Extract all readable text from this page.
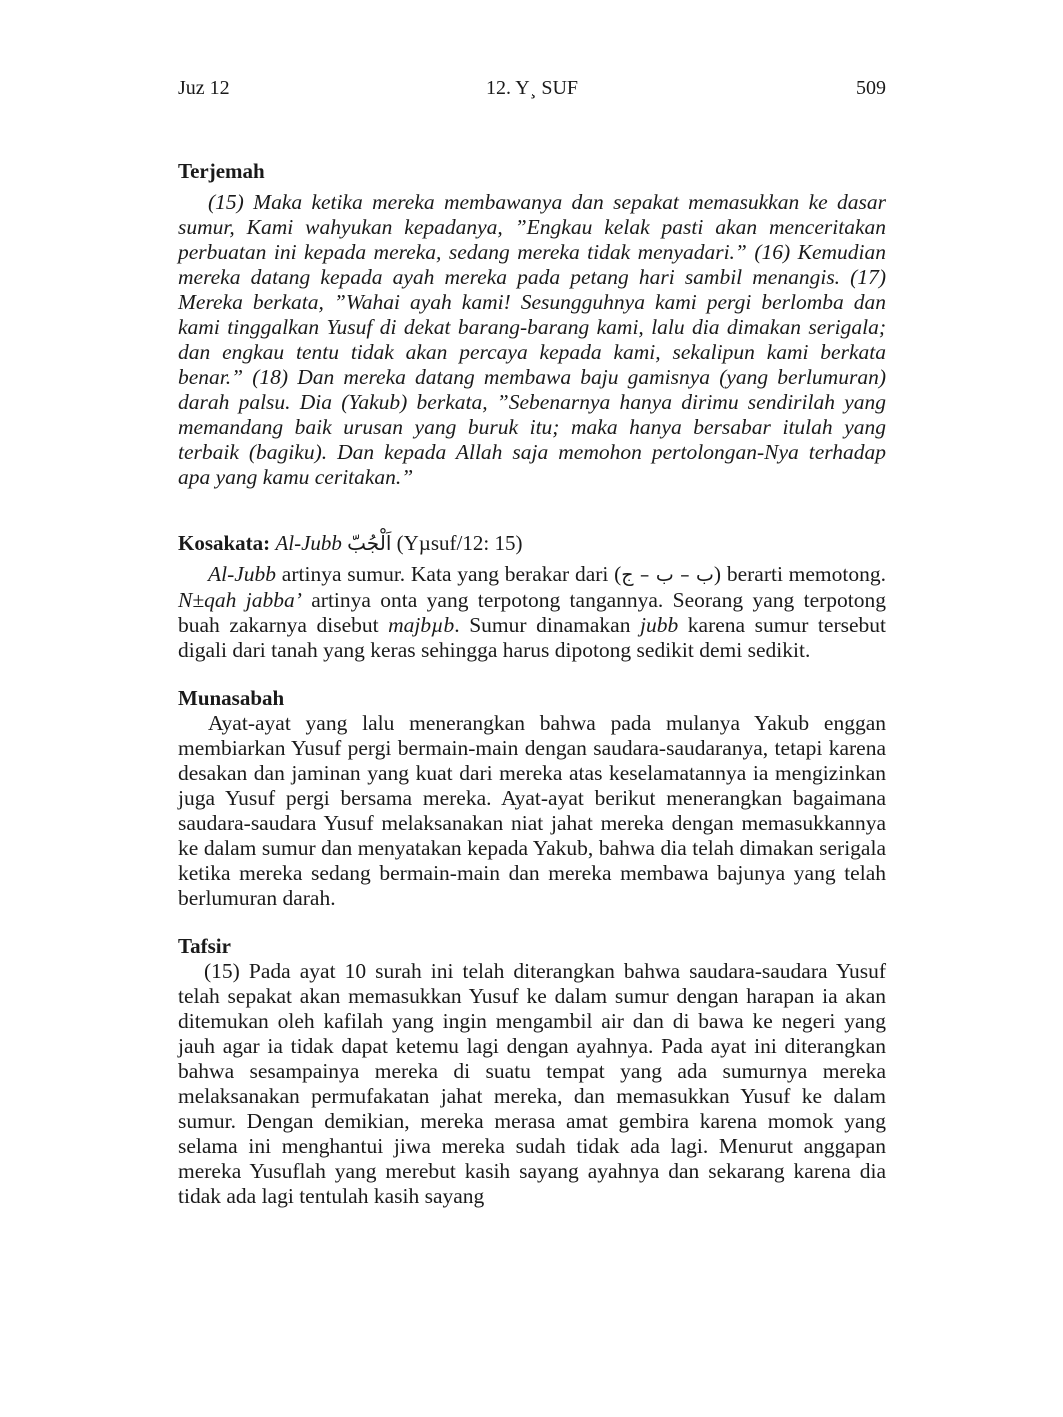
Juz 12	12. Y¸ SUF	509
Terjemah

(15) Maka ketika mereka membawanya dan sepakat memasukkan ke dasar sumur, Kami wahyukan kepadanya, ”Engkau kelak pasti akan menceritakan perbuatan ini kepada mereka, sedang mereka tidak menyadari.” (16) Kemudian mereka datang kepada ayah mereka pada petang hari sambil menangis. (17) Mereka berkata, ”Wahai ayah kami! Sesungguhnya kami pergi berlomba dan kami tinggalkan Yusuf di dekat barang-barang kami, lalu dia dimakan serigala; dan engkau tentu tidak akan percaya kepada kami, sekalipun kami berkata benar.” (18) Dan mereka datang membawa baju gamisnya (yang berlumuran) darah palsu. Dia (Yakub) berkata, ”Sebenarnya hanya dirimu sendirilah yang memandang baik urusan yang buruk itu; maka hanya bersabar itulah yang terbaik (bagiku). Dan kepada Allah saja memohon pertolongan-Nya terhadap apa yang kamu ceritakan.”

Kosakata: Al-Jubb اَلْجُبّ (Yµsuf/12: 15)

Al-Jubb artinya sumur. Kata yang berakar dari (ب – ب – ج) berarti memotong. N±qah jabba’ artinya onta yang terpotong tangannya. Seorang yang terpotong buah zakarnya disebut majbµb. Sumur dinamakan jubb karena sumur tersebut digali dari tanah yang keras sehingga harus dipotong sedikit demi sedikit.

Munasabah

Ayat-ayat yang lalu menerangkan bahwa pada mulanya Yakub enggan membiarkan Yusuf pergi bermain-main dengan saudara-saudaranya, tetapi karena desakan dan jaminan yang kuat dari mereka atas keselamatannya ia mengizinkan juga Yusuf pergi bersama mereka. Ayat-ayat berikut menerangkan bagaimana saudara-saudara Yusuf melaksanakan niat jahat mereka dengan memasukkannya ke dalam sumur dan menyatakan kepada Yakub, bahwa dia telah dimakan serigala ketika mereka sedang bermain-main dan mereka membawa bajunya yang telah berlumuran darah.

Tafsir

(15) Pada ayat 10 surah ini telah diterangkan bahwa saudara-saudara Yusuf telah sepakat akan memasukkan Yusuf ke dalam sumur dengan harapan ia akan ditemukan oleh kafilah yang ingin mengambil air dan di bawa ke negeri yang jauh agar ia tidak dapat ketemu lagi dengan ayahnya. Pada ayat ini diterangkan bahwa sesampainya mereka di suatu tempat yang ada sumurnya mereka melaksanakan permufakatan jahat mereka, dan memasukkan Yusuf ke dalam sumur. Dengan demikian, mereka merasa amat gembira karena momok yang selama ini menghantui jiwa mereka sudah tidak ada lagi. Menurut anggapan mereka Yusuflah yang merebut kasih sayang ayahnya dan sekarang karena dia tidak ada lagi tentulah kasih sayang
